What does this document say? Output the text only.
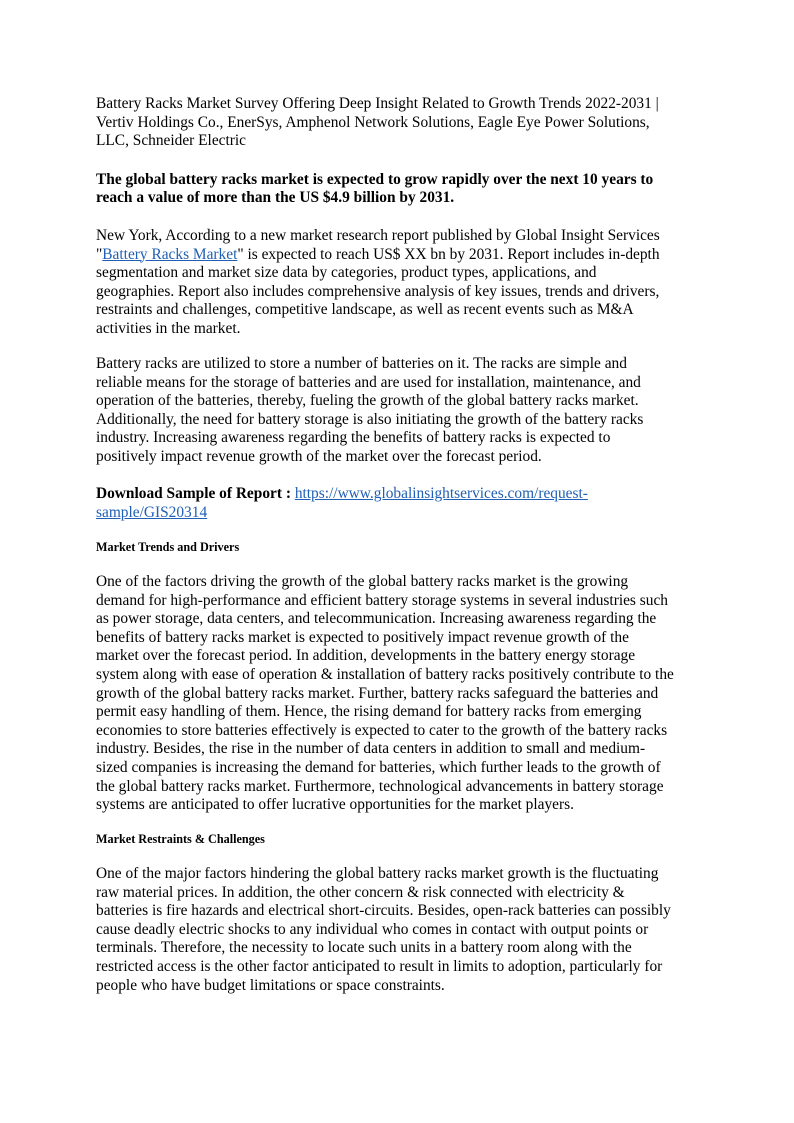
Battery Racks Market Survey Offering Deep Insight Related to Growth Trends 2022-2031 |
Vertiv Holdings Co., EnerSys, Amphenol Network Solutions, Eagle Eye Power Solutions,
LLC, Schneider Electric
The global battery racks market is expected to grow rapidly over the next 10 years to
reach a value of more than the US $4.9 billion by 2031.
New York, According to a new market research report published by Global Insight Services
"Battery Racks Market" is expected to reach US$ XX bn by 2031. Report includes in-depth
segmentation and market size data by categories, product types, applications, and
geographies. Report also includes comprehensive analysis of key issues, trends and drivers,
restraints and challenges, competitive landscape, as well as recent events such as M&A
activities in the market.
Battery racks are utilized to store a number of batteries on it. The racks are simple and
reliable means for the storage of batteries and are used for installation, maintenance, and
operation of the batteries, thereby, fueling the growth of the global battery racks market.
Additionally, the need for battery storage is also initiating the growth of the battery racks
industry. Increasing awareness regarding the benefits of battery racks is expected to
positively impact revenue growth of the market over the forecast period.
Download Sample of Report : https://www.globalinsightservices.com/request-
sample/GIS20314
Market Trends and Drivers
One of the factors driving the growth of the global battery racks market is the growing
demand for high-performance and efficient battery storage systems in several industries such
as power storage, data centers, and telecommunication. Increasing awareness regarding the
benefits of battery racks market is expected to positively impact revenue growth of the
market over the forecast period. In addition, developments in the battery energy storage
system along with ease of operation & installation of battery racks positively contribute to the
growth of the global battery racks market. Further, battery racks safeguard the batteries and
permit easy handling of them. Hence, the rising demand for battery racks from emerging
economies to store batteries effectively is expected to cater to the growth of the battery racks
industry. Besides, the rise in the number of data centers in addition to small and medium-
sized companies is increasing the demand for batteries, which further leads to the growth of
the global battery racks market. Furthermore, technological advancements in battery storage
systems are anticipated to offer lucrative opportunities for the market players.
Market Restraints & Challenges
One of the major factors hindering the global battery racks market growth is the fluctuating
raw material prices. In addition, the other concern & risk connected with electricity &
batteries is fire hazards and electrical short-circuits. Besides, open-rack batteries can possibly
cause deadly electric shocks to any individual who comes in contact with output points or
terminals. Therefore, the necessity to locate such units in a battery room along with the
restricted access is the other factor anticipated to result in limits to adoption, particularly for
people who have budget limitations or space constraints.
